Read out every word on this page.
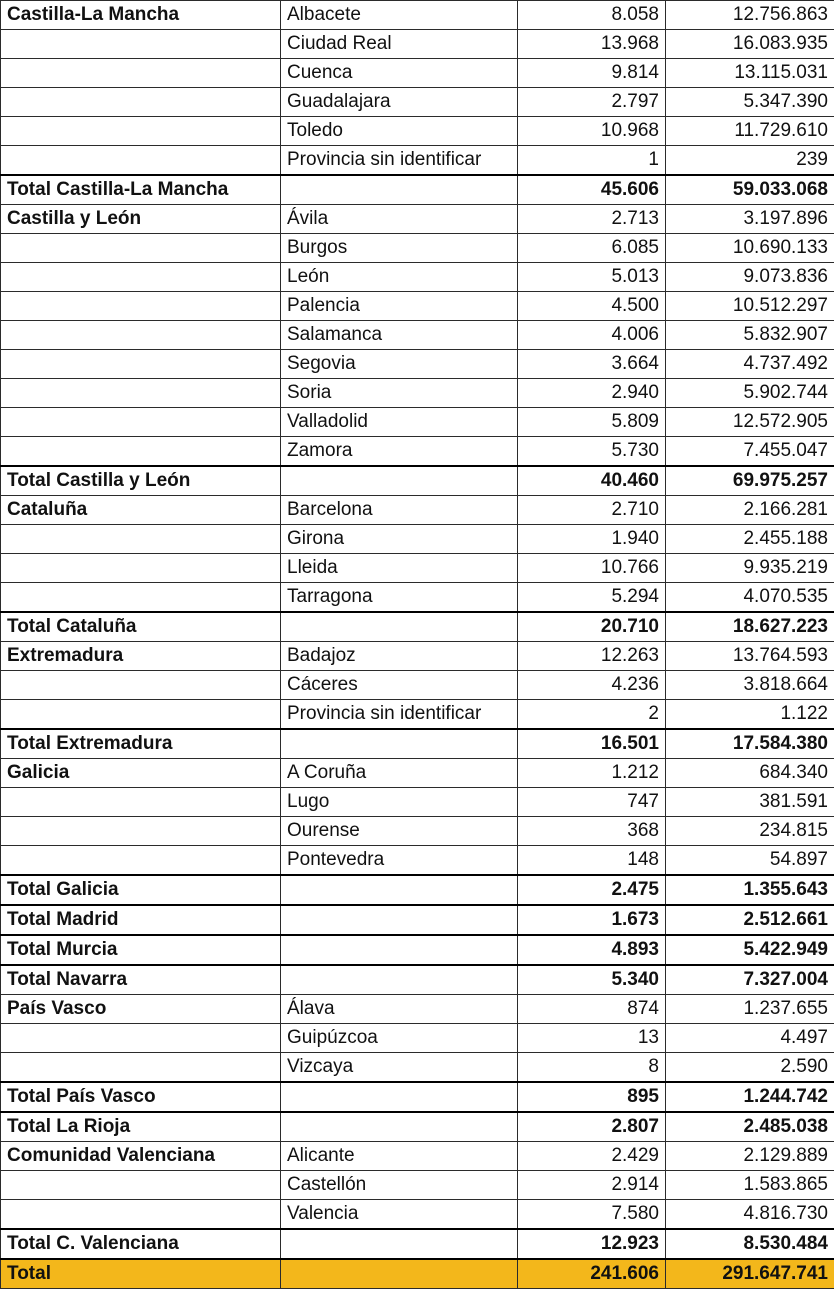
Castilla-La Mancha	Albacete	8.058	12.756.863
	Ciudad Real	13.968	16.083.935
	Cuenca	9.814	13.115.031
	Guadalajara	2.797	5.347.390
	Toledo	10.968	11.729.610
	Provincia sin identificar	1	239
Total Castilla-La Mancha		45.606	59.033.068
Castilla y León	Ávila	2.713	3.197.896
	Burgos	6.085	10.690.133
	León	5.013	9.073.836
	Palencia	4.500	10.512.297
	Salamanca	4.006	5.832.907
	Segovia	3.664	4.737.492
	Soria	2.940	5.902.744
	Valladolid	5.809	12.572.905
	Zamora	5.730	7.455.047
Total Castilla y León		40.460	69.975.257
Cataluña	Barcelona	2.710	2.166.281
	Girona	1.940	2.455.188
	Lleida	10.766	9.935.219
	Tarragona	5.294	4.070.535
Total Cataluña		20.710	18.627.223
Extremadura	Badajoz	12.263	13.764.593
	Cáceres	4.236	3.818.664
	Provincia sin identificar	2	1.122
Total Extremadura		16.501	17.584.380
Galicia	A Coruña	1.212	684.340
	Lugo	747	381.591
	Ourense	368	234.815
	Pontevedra	148	54.897
Total Galicia		2.475	1.355.643
Total Madrid		1.673	2.512.661
Total Murcia		4.893	5.422.949
Total Navarra		5.340	7.327.004
País Vasco	Álava	874	1.237.655
	Guipúzcoa	13	4.497
	Vizcaya	8	2.590
Total País Vasco		895	1.244.742
Total La Rioja		2.807	2.485.038
Comunidad Valenciana	Alicante	2.429	2.129.889
	Castellón	2.914	1.583.865
	Valencia	7.580	4.816.730
Total C. Valenciana		12.923	8.530.484
Total		241.606	291.647.741
